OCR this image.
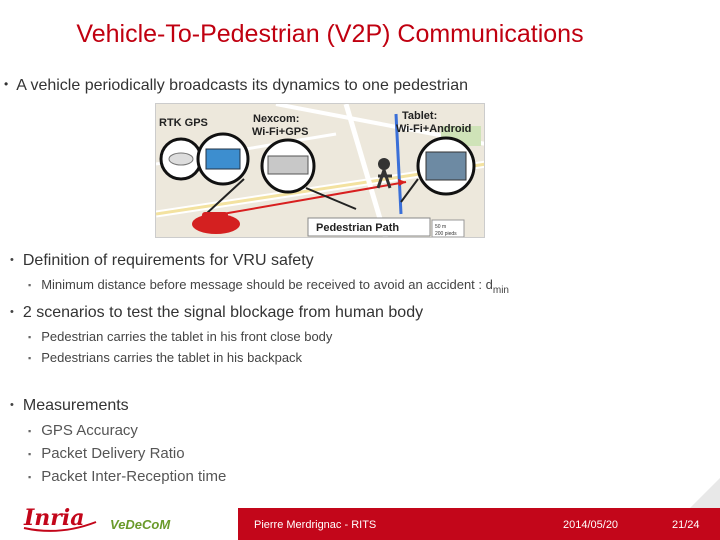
Vehicle-To-Pedestrian (V2P) Communications
• A vehicle periodically broadcasts its dynamics to one pedestrian
RTK GPS	Nexcom:
Wi-Fi+GPS
Tablet:
Wi-Fi+Android
Pedestrian Path	50 m
200 pieds
• Definition of requirements for VRU safety
▪ Minimum distance before message should be received to avoid an accident : $d_{min}$
• 2 scenarios to test the signal blockage from human body
▪ Pedestrian carries the tablet in his front close body
▪ Pedestrians carries the tablet in his backpack
• Measurements
▪ GPS Accuracy
▪ Packet Delivery Ratio
▪ Packet Inter-Reception time
Inria VeDeCoM	Pierre Merdrignac - RITS	2014/05/20	21/24
